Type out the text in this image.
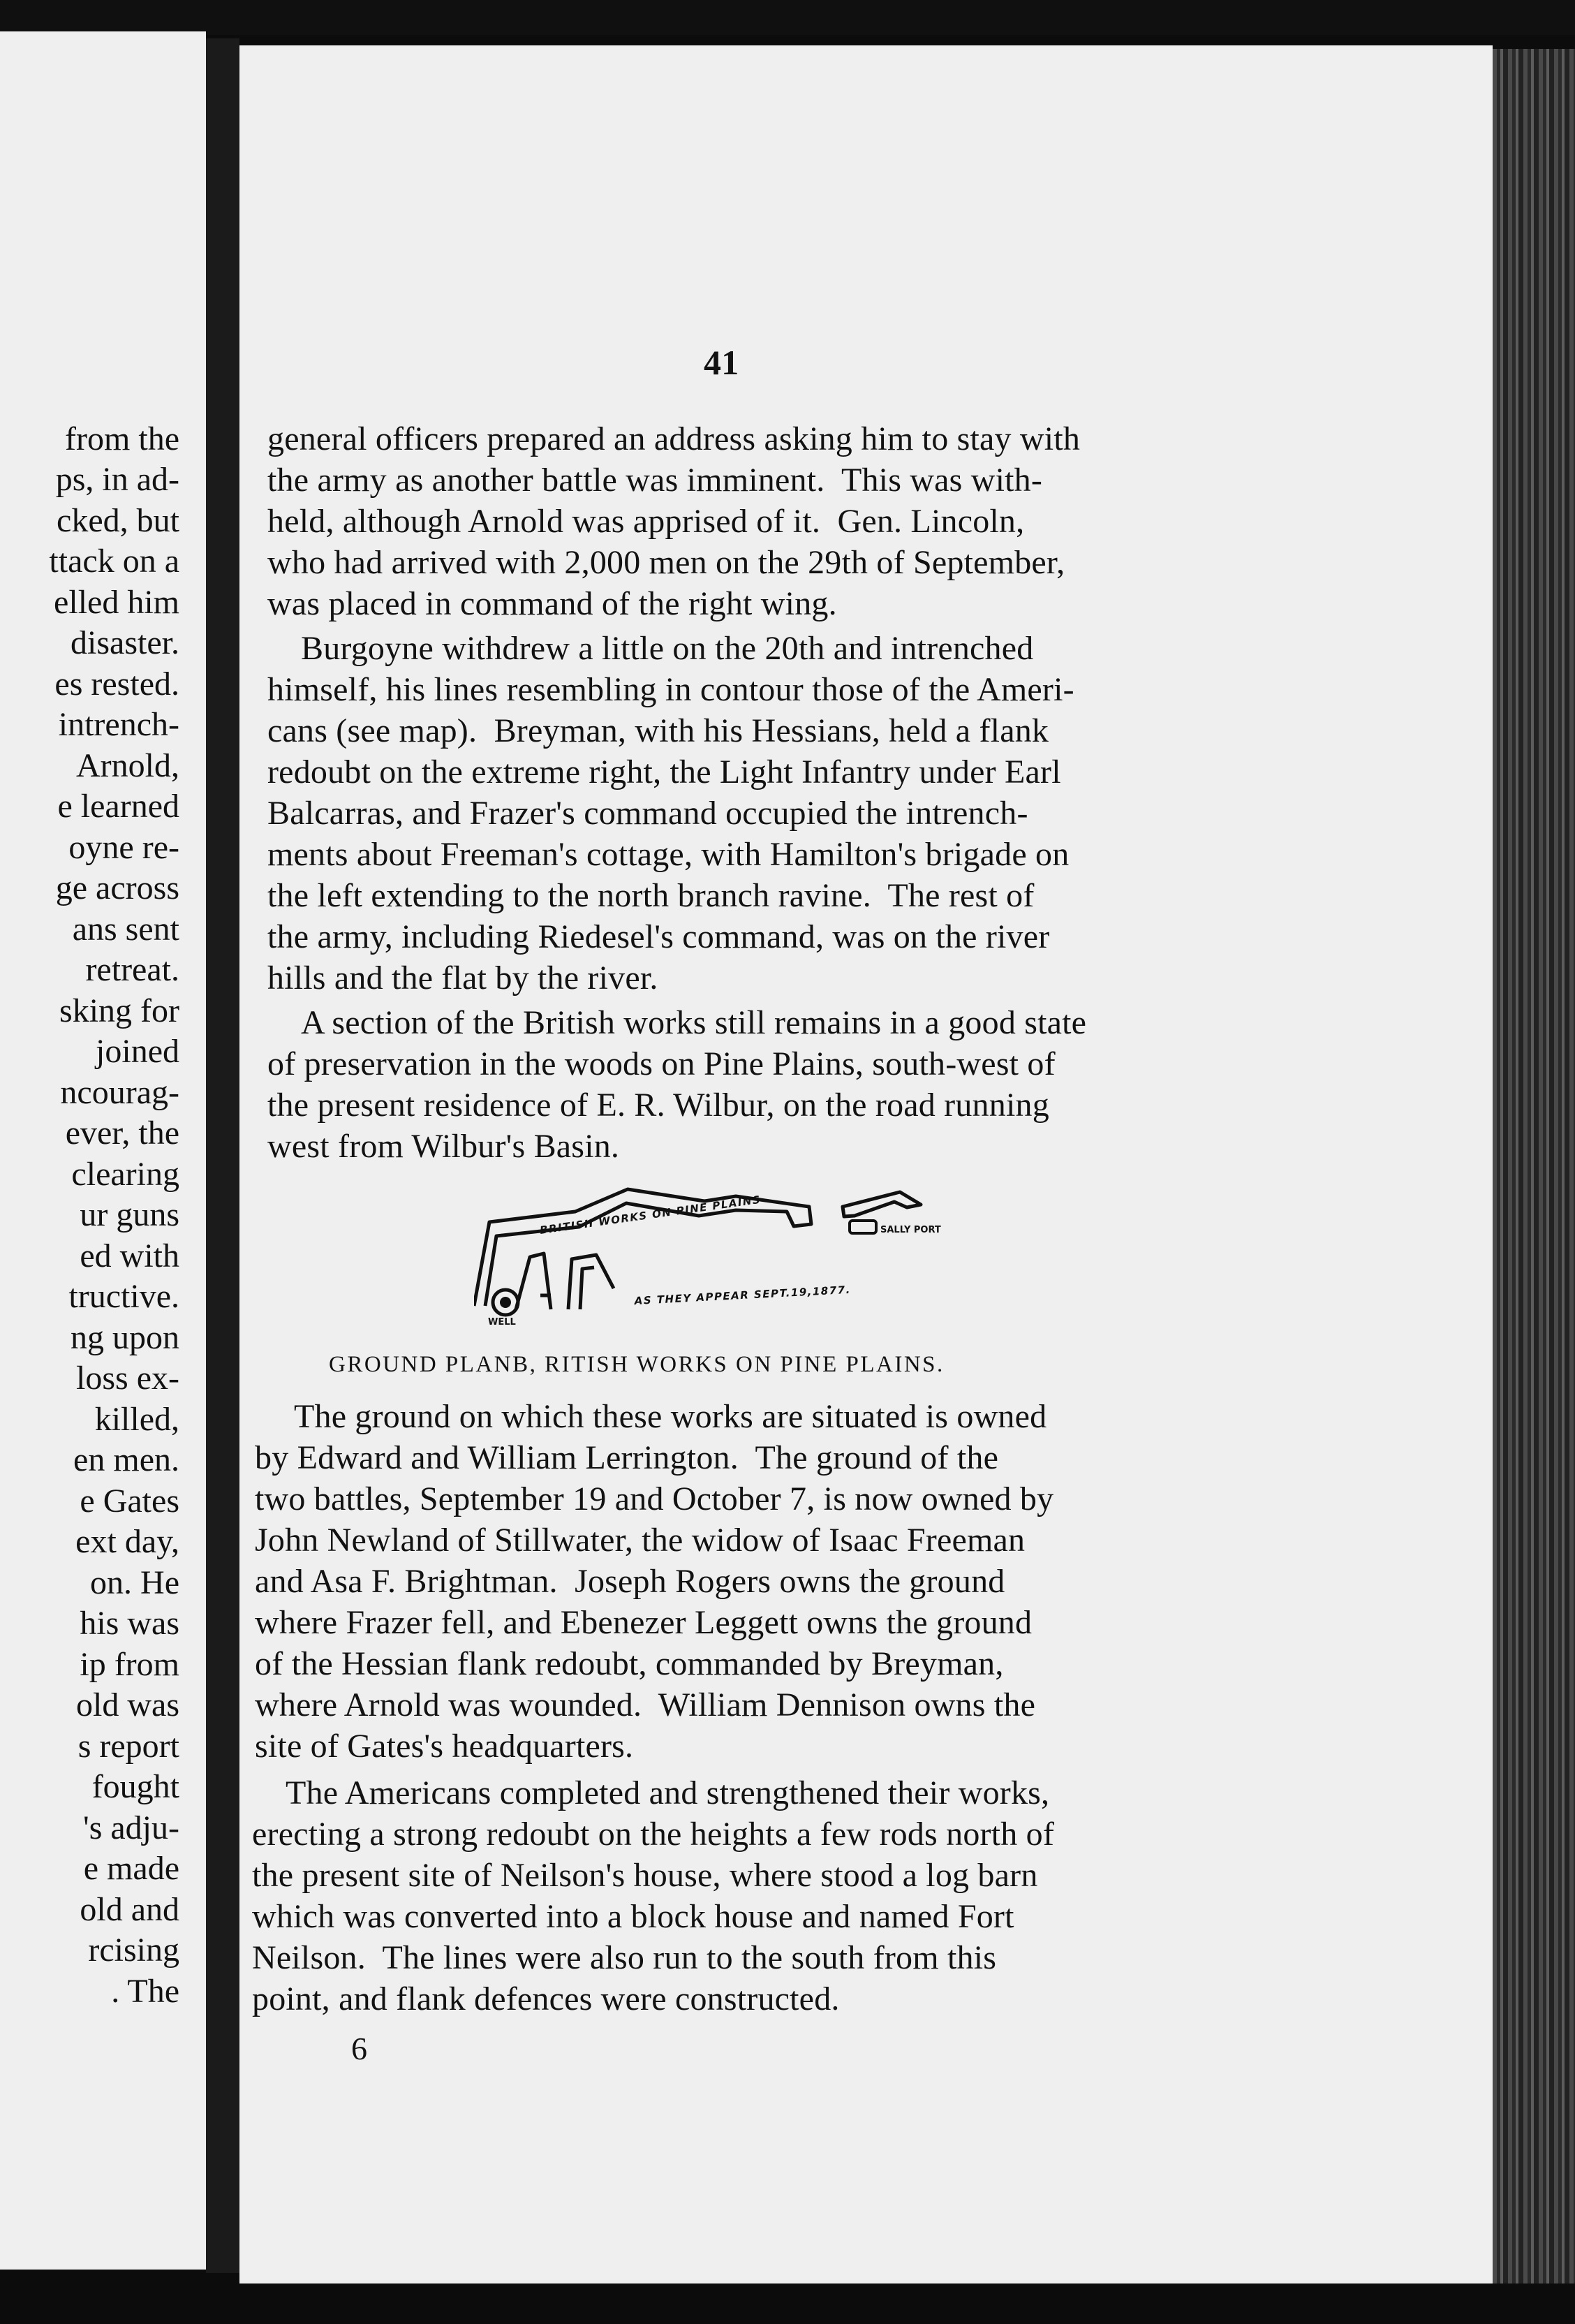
from the
ps, in ad-
cked, but
ttack on a
elled him
disaster.
es rested.
intrench-
Arnold,
e learned
oyne re-
ge across
ans sent
retreat.
sking for
joined
ncourag-
ever, the
clearing
ur guns
ed with
tructive.
ng upon
loss ex-
killed,
en men.
e Gates
ext day,
on. He
his was
ip from
old was
s report
fought
's adju-
e made
old and
rcising
. The
41
general officers prepared an address asking him to stay with
the army as another battle was imminent.  This was with-
held, although Arnold was apprised of it.  Gen. Lincoln,
who had arrived with 2,000 men on the 29th of September,
was placed in command of the right wing.
Burgoyne withdrew a little on the 20th and intrenched
himself, his lines resembling in contour those of the Ameri-
cans (see map).  Breyman, with his Hessians, held a flank
redoubt on the extreme right, the Light Infantry under Earl
Balcarras, and Frazer's command occupied the intrench-
ments about Freeman's cottage, with Hamilton's brigade on
the left extending to the north branch ravine.  The rest of
the army, including Riedesel's command, was on the river
hills and the flat by the river.
A section of the British works still remains in a good state
of preservation in the woods on Pine Plains, south-west of
the present residence of E. R. Wilbur, on the road running
west from Wilbur's Basin.
BRITISH WORKS ON PINE PLAINS
AS THEY APPEAR SEPT.19,1877.
SALLY PORT
WELL
GROUND PLANB, RITISH WORKS ON PINE PLAINS.
The ground on which these works are situated is owned
by Edward and William Lerrington.  The ground of the
two battles, September 19 and October 7, is now owned by
John Newland of Stillwater, the widow of Isaac Freeman
and Asa F. Brightman.  Joseph Rogers owns the ground
where Frazer fell, and Ebenezer Leggett owns the ground
of the Hessian flank redoubt, commanded by Breyman,
where Arnold was wounded.  William Dennison owns the
site of Gates's headquarters.
The Americans completed and strengthened their works,
erecting a strong redoubt on the heights a few rods north of
the present site of Neilson's house, where stood a log barn
which was converted into a block house and named Fort
Neilson.  The lines were also run to the south from this
point, and flank defences were constructed.
6
